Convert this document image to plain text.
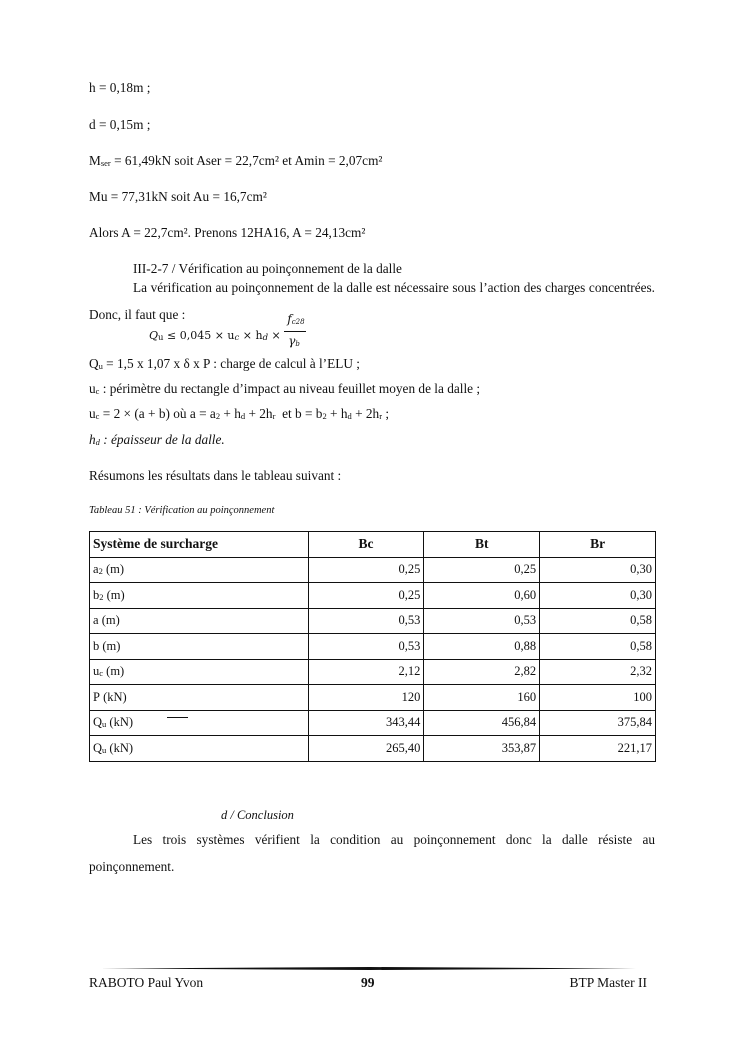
h = 0,18m ;
d = 0,15m ;
$M_{ser} = 61,49kN$ soit Aser = 22,7cm² et Amin = 2,07cm²
Mu = 77,31kN soit Au = 16,7cm²
Alors A = 22,7cm². Prenons 12HA16, A = 24,13cm²
III-2-7 / Vérification au poinçonnement de la dalle
La vérification au poinçonnement de la dalle est nécessaire sous l’action des charges concentrées. Donc, il faut que :
$Q_u \le 0,045 \times u_c \times h_d \times \frac{f_{c28}}{\gamma_b}$
$Q_u = 1,5$ x 1,07 x δ x P : charge de calcul à l’ELU ;
$u_c$ : périmètre du rectangle d’impact au niveau feuillet moyen de la dalle ;
$u_c = 2 \times (a + b)$ où $a = a_2 + h_d + 2h_r$  et $b = b_2 + h_d + 2h_r$ ;
$h_d$ : épaisseur de la dalle.
Résumons les résultats dans le tableau suivant :
Tableau 51 : Vérification au poinçonnement
Système de surcharge	Bc	Bt	Br
$a_2$ (m)	0,25	0,25	0,30
$b_2$ (m)	0,25	0,60	0,30
a (m)	0,53	0,53	0,58
b (m)	0,53	0,88	0,58
$u_c$ (m)	2,12	2,82	2,32
P (kN)	120	160	100
$Q_u$ (kN)	343,44	456,84	375,84
$Q_u$ (kN)	265,40	353,87	221,17
d / Conclusion
Les trois systèmes vérifient la condition au poinçonnement donc la dalle résiste au poinçonnement.
RABOTO Paul Yvon	99	BTP Master II
